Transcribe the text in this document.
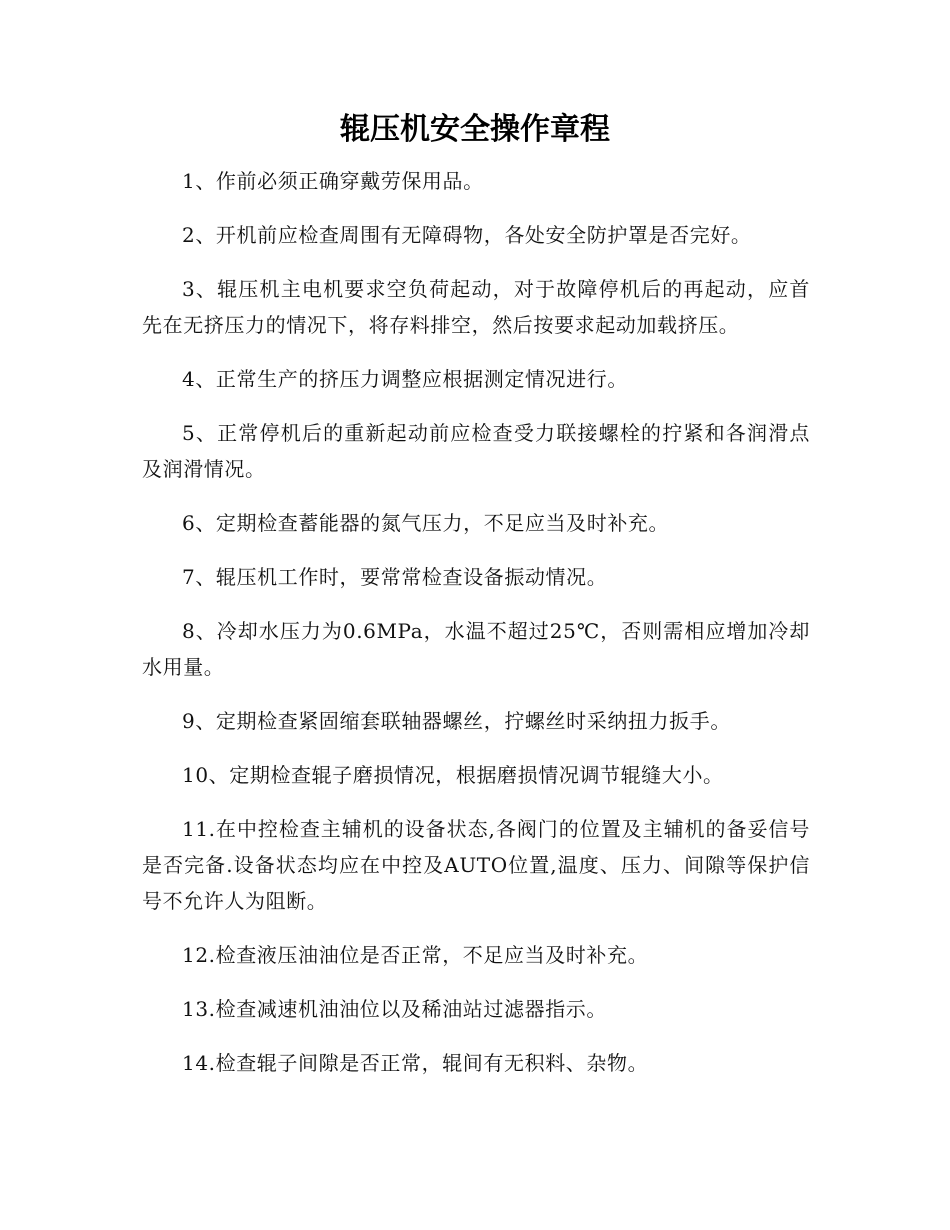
辊压机安全操作章程

1、作前必须正确穿戴劳保用品。

2、开机前应检查周围有无障碍物，各处安全防护罩是否完好。

3、辊压机主电机要求空负荷起动，对于故障停机后的再起动，应首先在无挤压力的情况下，将存料排空，然后按要求起动加载挤压。

4、正常生产的挤压力调整应根据测定情况进行。

5、正常停机后的重新起动前应检查受力联接螺栓的拧紧和各润滑点及润滑情况。

6、定期检查蓄能器的氮气压力，不足应当及时补充。

7、辊压机工作时，要常常检查设备振动情况。

8、冷却水压力为0.6MPa，水温不超过25℃，否则需相应增加冷却水用量。

9、定期检查紧固缩套联轴器螺丝，拧螺丝时采纳扭力扳手。

10、定期检查辊子磨损情况，根据磨损情况调节辊缝大小。

11.在中控检查主辅机的设备状态,各阀门的位置及主辅机的备妥信号是否完备.设备状态均应在中控及AUTO位置,温度、压力、间隙等保护信号不允许人为阻断。

12.检查液压油油位是否正常，不足应当及时补充。

13.检查减速机油油位以及稀油站过滤器指示。

14.检查辊子间隙是否正常，辊间有无积料、杂物。
